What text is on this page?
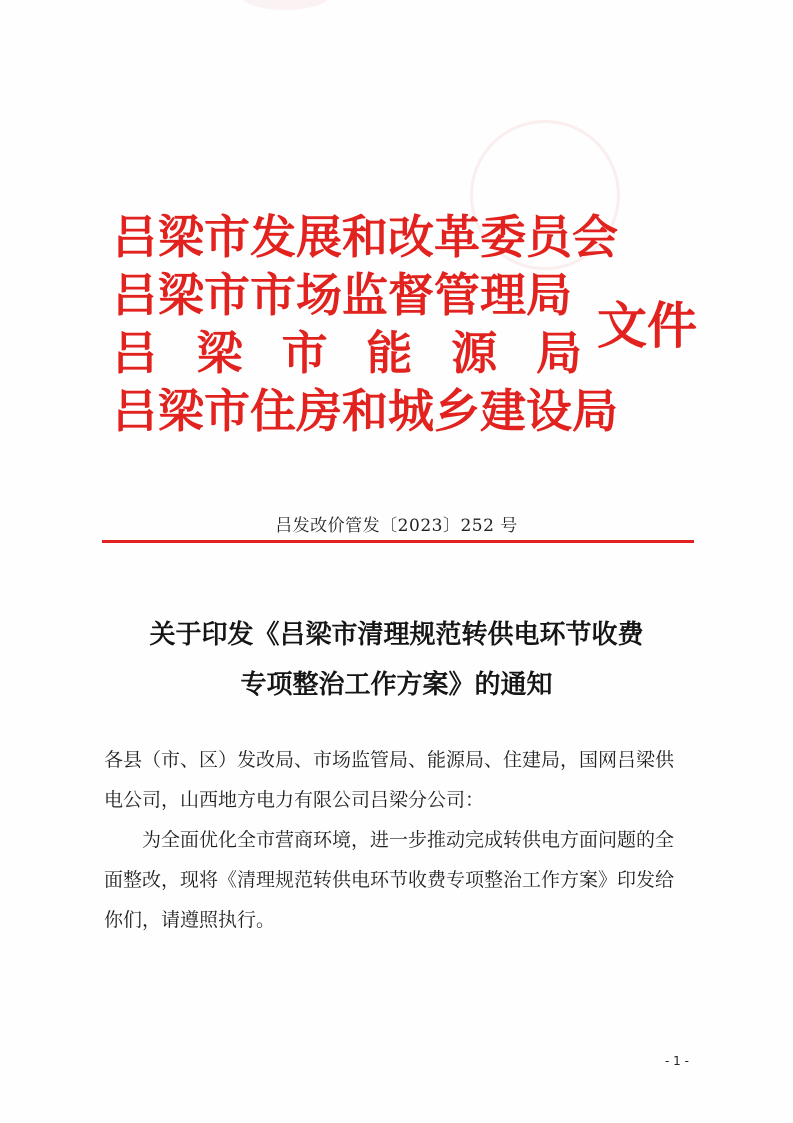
吕梁市发展和改革委员会
吕梁市市场监督管理局
吕 梁 市 能 源 局
吕梁市住房和城乡建设局
文件
吕发改价管发〔2023〕252 号
关于印发《吕梁市清理规范转供电环节收费
专项整治工作方案》的通知

各县（市、区）发改局、市场监管局、能源局、住建局，国网吕梁供电公司，山西地方电力有限公司吕梁分公司：

为全面优化全市营商环境，进一步推动完成转供电方面问题的全面整改，现将《清理规范转供电环节收费专项整治工作方案》印发给你们，请遵照执行。

- 1 -
